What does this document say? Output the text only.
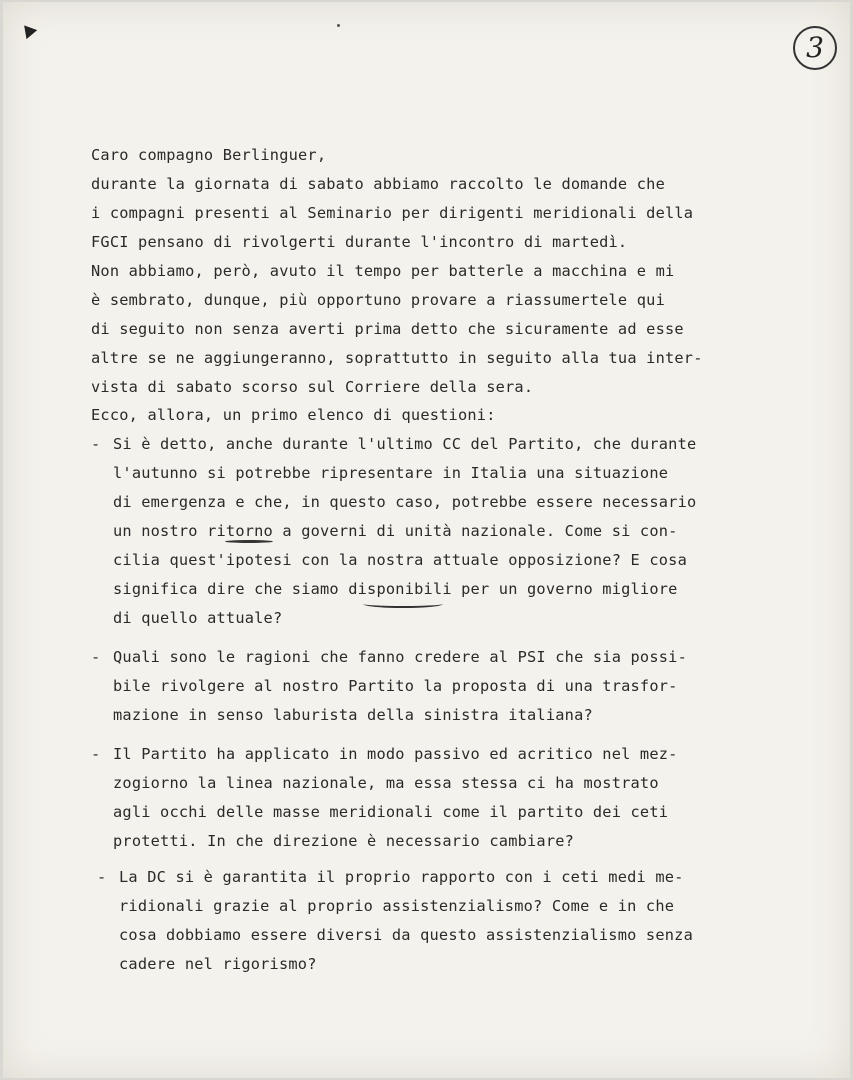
3
Caro compagno Berlinguer,
durante la giornata di sabato abbiamo raccolto le domande che
i compagni presenti al Seminario per dirigenti meridionali della
FGCI pensano di rivolgerti durante l'incontro di martedì.
Non abbiamo, però, avuto il tempo per batterle a macchina e mi
è sembrato, dunque, più opportuno provare a riassumertele qui
di seguito non senza averti prima detto che sicuramente ad esse
altre se ne aggiungeranno, soprattutto in seguito alla tua inter-
vista di sabato scorso sul Corriere della sera.
Ecco, allora, un primo elenco di questioni:
- Si è detto, anche durante l'ultimo CC del Partito, che durante
l'autunno si potrebbe ripresentare in Italia una situazione
di emergenza e che, in questo caso, potrebbe essere necessario
un nostro ritorno a governi di unità nazionale. Come si con-
cilia quest'ipotesi con la nostra attuale opposizione? E cosa
significa dire che siamo disponibili per un governo migliore
di quello attuale?
- Quali sono le ragioni che fanno credere al PSI che sia possi-
bile rivolgere al nostro Partito la proposta di una trasfor-
mazione in senso laburista della sinistra italiana?
- Il Partito ha applicato in modo passivo ed acritico nel mez-
zogiorno la linea nazionale, ma essa stessa ci ha mostrato
agli occhi delle masse meridionali come il partito dei ceti
protetti. In che direzione è necessario cambiare?
- La DC si è garantita il proprio rapporto con i ceti medi me-
ridionali grazie al proprio assistenzialismo? Come e in che
cosa dobbiamo essere diversi da questo assistenzialismo senza
cadere nel rigorismo?
